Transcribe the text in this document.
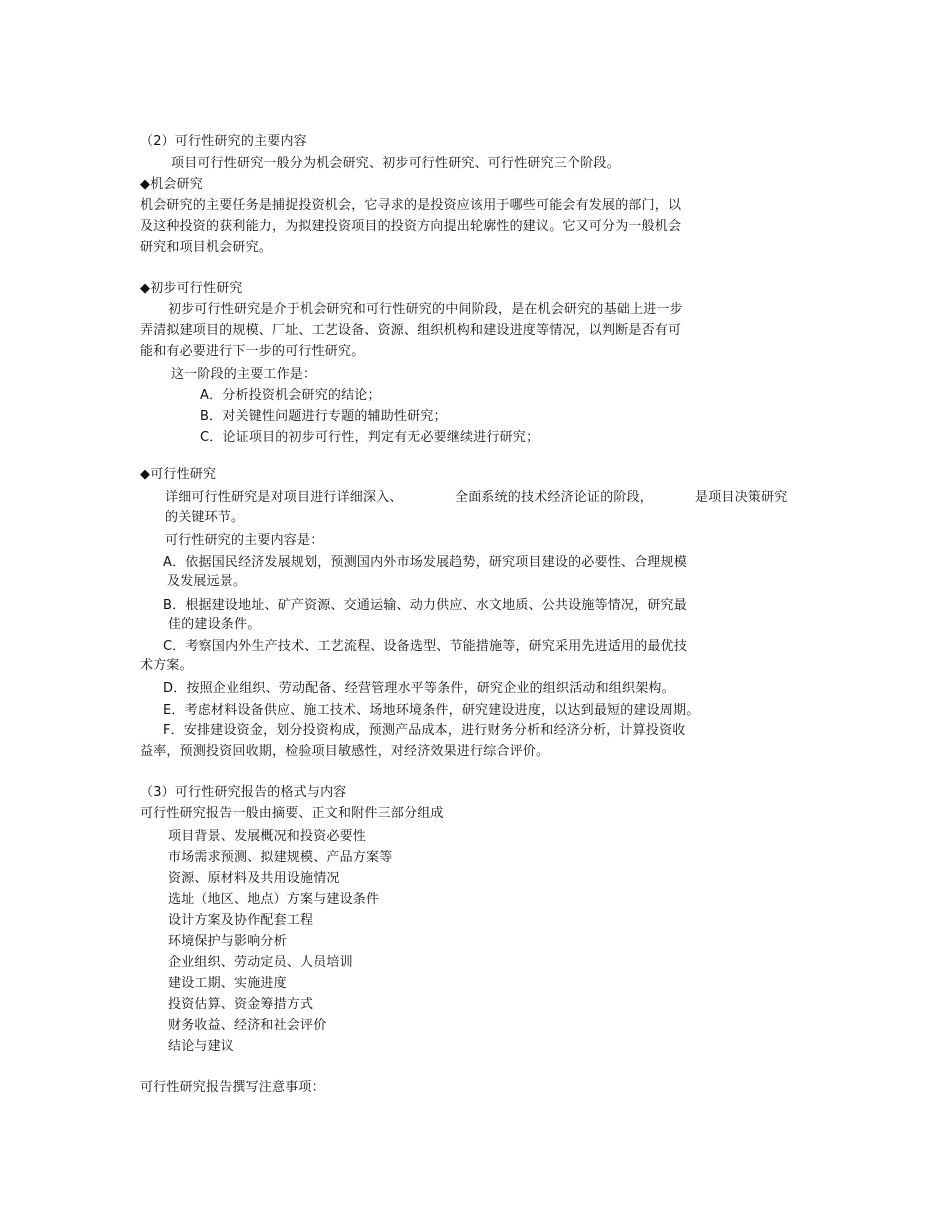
（2）可行性研究的主要内容
项目可行性研究一般分为机会研究、初步可行性研究、可行性研究三个阶段。
◆机会研究
机会研究的主要任务是捕捉投资机会，它寻求的是投资应该用于哪些可能会有发展的部门，以
及这种投资的获利能力，为拟建投资项目的投资方向提出轮廓性的建议。它又可分为一般机会
研究和项目机会研究。
◆初步可行性研究
初步可行性研究是介于机会研究和可行性研究的中间阶段，是在机会研究的基础上进一步
弄清拟建项目的规模、厂址、工艺设备、资源、组织机构和建设进度等情况，以判断是否有可
能和有必要进行下一步的可行性研究。
这一阶段的主要工作是：
A．分析投资机会研究的结论；
B．对关键性问题进行专题的辅助性研究；
C．论证项目的初步可行性，判定有无必要继续进行研究；
◆可行性研究
详细可行性研究是对项目进行详细深入、	全面系统的技术经济论证的阶段，	是项目决策研究
的关键环节。
可行性研究的主要内容是：
A．依据国民经济发展规划，预测国内外市场发展趋势，研究项目建设的必要性、合理规模
及发展远景。
B．根据建设地址、矿产资源、交通运输、动力供应、水文地质、公共设施等情况，研究最
佳的建设条件。
C．考察国内外生产技术、工艺流程、设备选型、节能措施等，研究采用先进适用的最优技
术方案。
D．按照企业组织、劳动配备、经营管理水平等条件，研究企业的组织活动和组织架构。
E．考虑材料设备供应、施工技术、场地环境条件，研究建设进度，以达到最短的建设周期。
F．安排建设资金，划分投资构成，预测产品成本，进行财务分析和经济分析，计算投资收
益率，预测投资回收期，检验项目敏感性，对经济效果进行综合评价。
（3）可行性研究报告的格式与内容
可行性研究报告一般由摘要、正文和附件三部分组成
项目背景、发展概况和投资必要性
市场需求预测、拟建规模、产品方案等
资源、原材料及共用设施情况
选址（地区、地点）方案与建设条件
设计方案及协作配套工程
环境保护与影响分析
企业组织、劳动定员、人员培训
建设工期、实施进度
投资估算、资金筹措方式
财务收益、经济和社会评价
结论与建议
可行性研究报告撰写注意事项：
